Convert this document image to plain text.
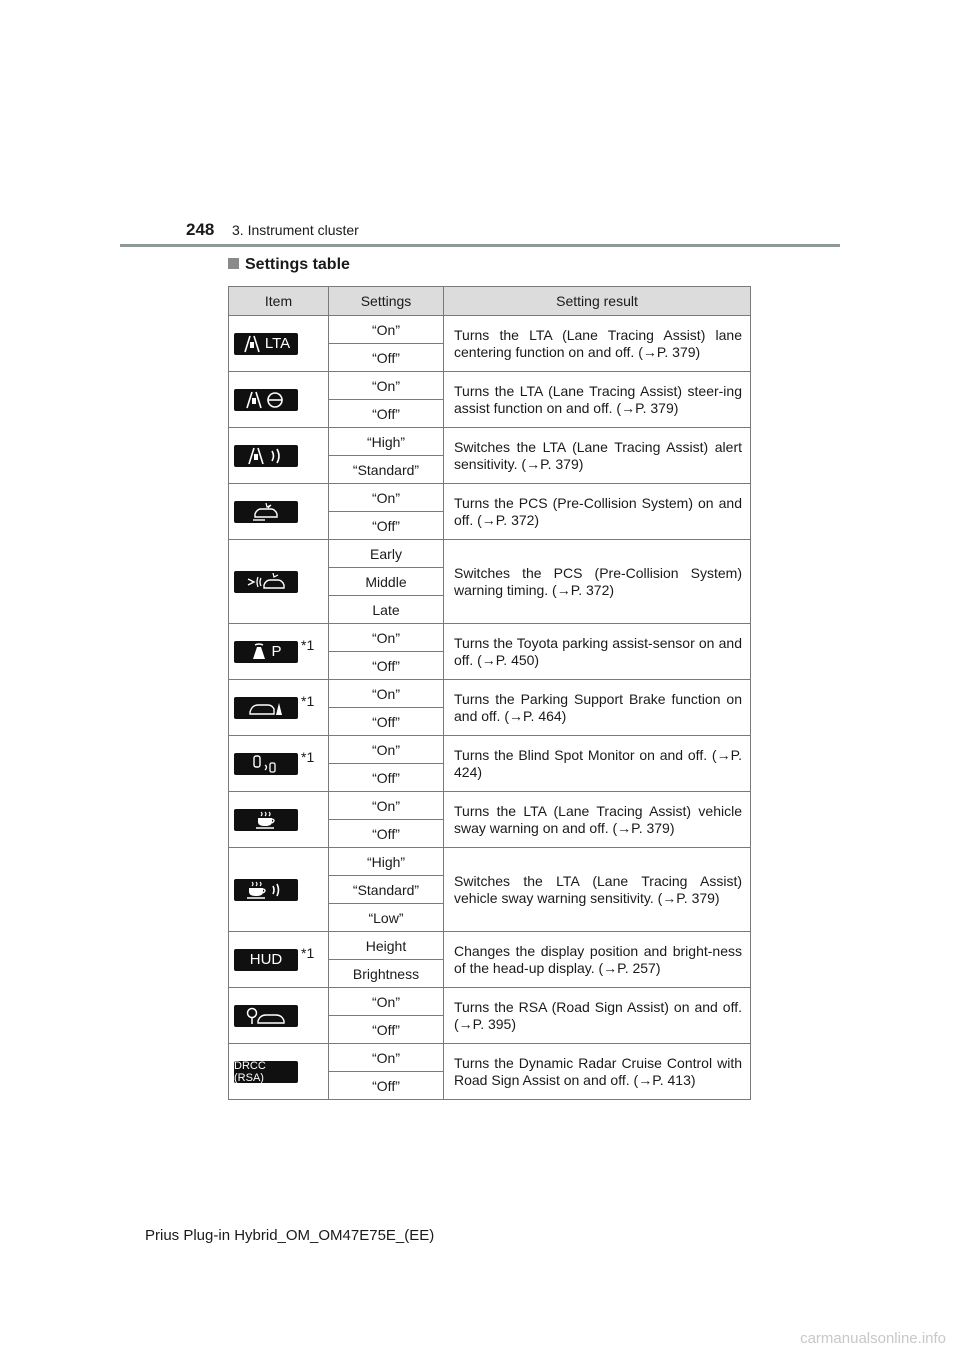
248 3. Instrument cluster
Settings table
Item	Settings	Setting result

LTA	“On”	Turns the LTA (Lane Tracing Assist) lane centering function on and off. (→P. 379)
	“Off”	

	“On”	Turns the LTA (Lane Tracing Assist) steer-ing assist function on and off. (→P. 379)
	“Off”	

	“High”	Switches the LTA (Lane Tracing Assist) alert sensitivity. (→P. 379)
	“Standard”	

	“On”	Turns the PCS (Pre-Collision System) on and off. (→P. 372)
	“Off”	

	Early	Switches the PCS (Pre-Collision System) warning timing. (→P. 372)
	Middle	
	Late	

P *1	“On”	Turns the Toyota parking assist-sensor on and off. (→P. 450)
	“Off”	

*1	“On”	Turns the Parking Support Brake function on and off. (→P. 464)
	“Off”	

*1	“On”	Turns the Blind Spot Monitor on and off. (→P. 424)
	“Off”	

	“On”	Turns the LTA (Lane Tracing Assist) vehicle sway warning on and off. (→P. 379)
	“Off”	

	“High”	Switches the LTA (Lane Tracing Assist) vehicle sway warning sensitivity. (→P. 379)
	“Standard”	
	“Low”	

HUD *1	Height	Changes the display position and bright-ness of the head-up display. (→P. 257)
	Brightness	

	“On”	Turns the RSA (Road Sign Assist) on and off. (→P. 395)
	“Off”	

DRCC (RSA)	“On”	Turns the Dynamic Radar Cruise Control with Road Sign Assist on and off. (→P. 413)
	“Off”	
Prius Plug-in Hybrid_OM_OM47E75E_(EE)
carmanualsonline.info
